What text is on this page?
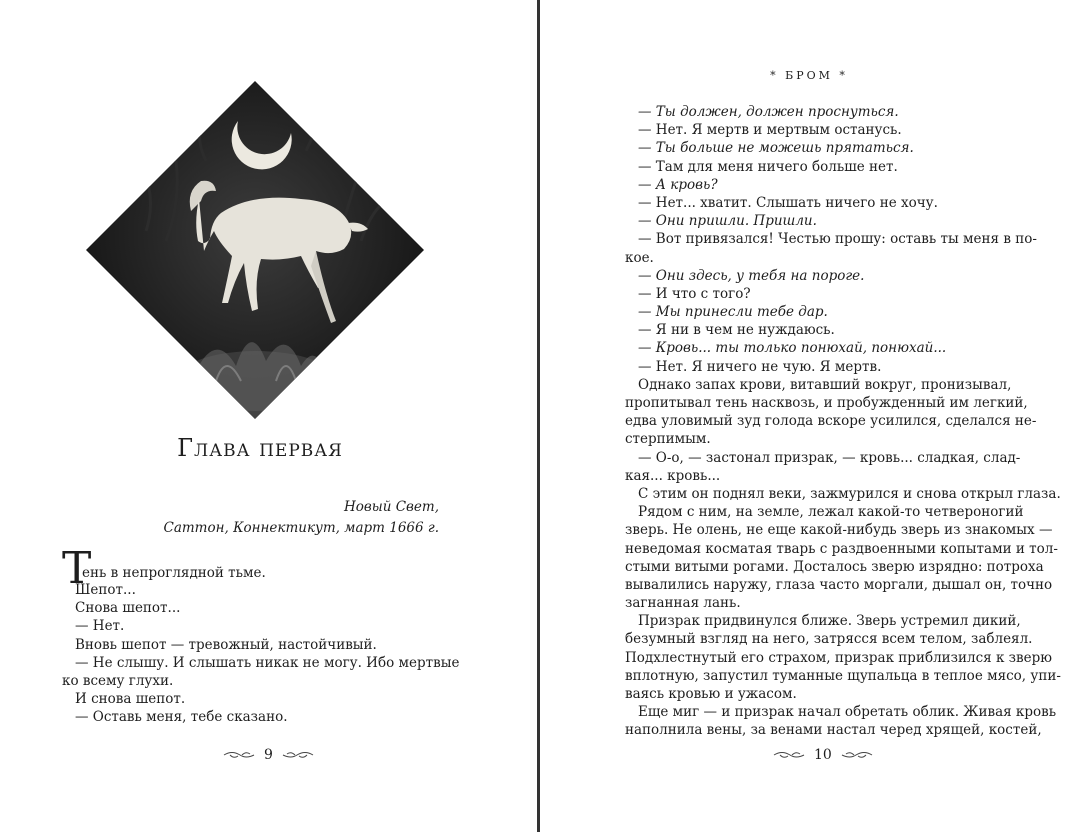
Глава первая
Новый Свет,
Саттон, Коннектикут, март 1666 г.
Т
ень в непроглядной тьме.
Шепот...
Снова шепот...
— Нет.
Вновь шепот — тревожный, настойчивый.
— Не слышу. И слышать никак не могу. Ибо мертвые
ко всему глухи.
И снова шепот.
— Оставь меня, тебе сказано.
9
* БРОМ *
— Ты должен, должен проснуться.
— Нет. Я мертв и мертвым останусь.
— Ты больше не можешь прятаться.
— Там для меня ничего больше нет.
— А кровь?
— Нет... хватит. Слышать ничего не хочу.
— Они пришли. Пришли.
— Вот привязался! Честью прошу: оставь ты меня в по-
кое.
— Они здесь, у тебя на пороге.
— И что с того?
— Мы принесли тебе дар.
— Я ни в чем не нуждаюсь.
— Кровь... ты только понюхай, понюхай...
— Нет. Я ничего не чую. Я мертв.
Однако запах крови, витавший вокруг, пронизывал,
пропитывал тень насквозь, и пробужденный им легкий,
едва уловимый зуд голода вскоре усилился, сделался не-
стерпимым.
— О-о, — застонал призрак, — кровь... сладкая, слад-
кая... кровь...
С этим он поднял веки, зажмурился и снова открыл глаза.
Рядом с ним, на земле, лежал какой-то четвероногий
зверь. Не олень, не еще какой-нибудь зверь из знакомых —
неведомая косматая тварь с раздвоенными копытами и тол-
стыми витыми рогами. Досталось зверю изрядно: потроха
вывалились наружу, глаза часто моргали, дышал он, точно
загнанная лань.
Призрак придвинулся ближе. Зверь устремил дикий,
безумный взгляд на него, затрясся всем телом, заблеял.
Подхлестнутый его страхом, призрак приблизился к зверю
вплотную, запустил туманные щупальца в теплое мясо, упи-
ваясь кровью и ужасом.
Еще миг — и призрак начал обретать облик. Живая кровь
наполнила вены, за венами настал черед хрящей, костей,
10
